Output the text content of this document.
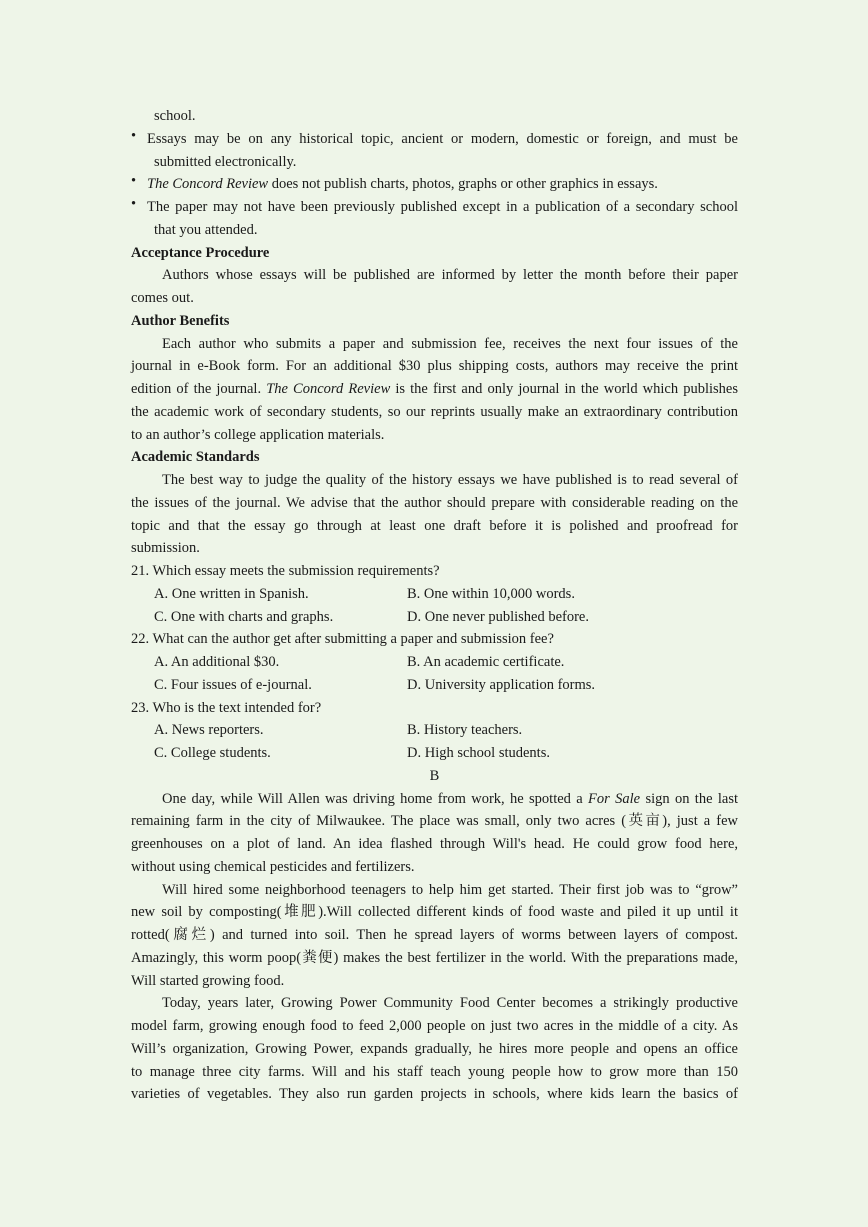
school.
• Essays may be on any historical topic, ancient or modern, domestic or foreign, and must be
submitted electronically.
• The Concord Review does not publish charts, photos, graphs or other graphics in essays.
• The paper may not have been previously published except in a publication of a secondary school
that you attended.
Acceptance Procedure
Authors whose essays will be published are informed by letter the month before their paper
comes out.
Author Benefits
Each author who submits a paper and submission fee, receives the next four issues of the
journal in e-Book form. For an additional $30 plus shipping costs, authors may receive the print
edition of the journal. The Concord Review is the first and only journal in the world which publishes
the academic work of secondary students, so our reprints usually make an extraordinary contribution
to an author’s college application materials.
Academic Standards
The best way to judge the quality of the history essays we have published is to read several of
the issues of the journal. We advise that the author should prepare with considerable reading on the
topic and that the essay go through at least one draft before it is polished and proofread for
submission.
21. Which essay meets the submission requirements?
A. One written in Spanish.	B. One within 10,000 words.
C. One with charts and graphs.	D. One never published before.
22. What can the author get after submitting a paper and submission fee?
A. An additional $30.	B. An academic certificate.
C. Four issues of e-journal.	D. University application forms.
23. Who is the text intended for?
A. News reporters.	B. History teachers.
C. College students.	D. High school students.
B
One day, while Will Allen was driving home from work, he spotted a For Sale sign on the last
remaining farm in the city of Milwaukee. The place was small, only two acres (英亩), just a few
greenhouses on a plot of land. An idea flashed through Will's head. He could grow food here,
without using chemical pesticides and fertilizers.
Will hired some neighborhood teenagers to help him get started. Their first job was to “grow”
new soil by composting(堆肥).Will collected different kinds of food waste and piled it up until it
rotted(腐烂) and turned into soil. Then he spread layers of worms between layers of compost.
Amazingly, this worm poop(粪便) makes the best fertilizer in the world. With the preparations made,
Will started growing food.
Today, years later, Growing Power Community Food Center becomes a strikingly productive
model farm, growing enough food to feed 2,000 people on just two acres in the middle of a city. As
Will’s organization, Growing Power, expands gradually, he hires more people and opens an office
to manage three city farms. Will and his staff teach young people how to grow more than 150
varieties of vegetables. They also run garden projects in schools, where kids learn the basics of
